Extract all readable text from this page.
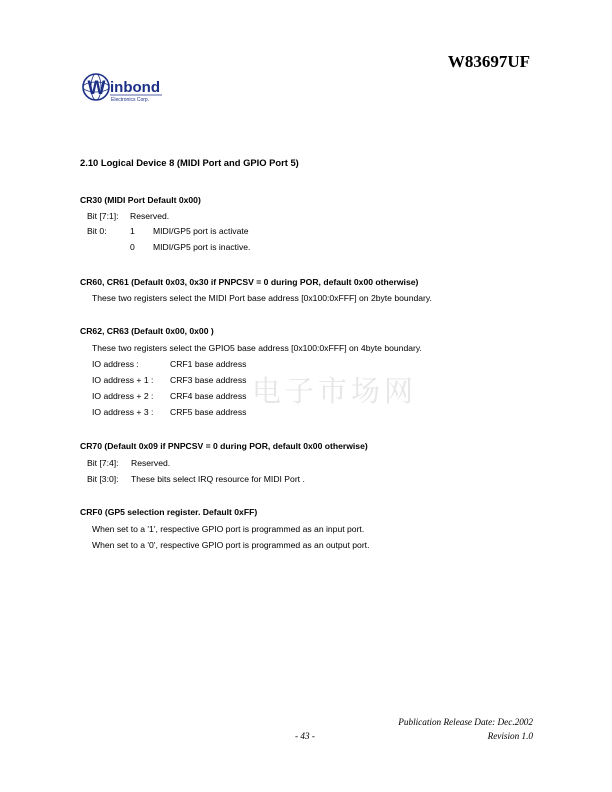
W83697UF
W inbond
Electronics Corp.
2.10 Logical Device 8 (MIDI Port and GPIO Port 5)
CR30 (MIDI Port Default 0x00)
Bit [7:1]: Reserved.
Bit 0:	1 MIDI/GP5 port is activate
0 MIDI/GP5 port is inactive.
CR60, CR61 (Default 0x03, 0x30 if PNPCSV = 0 during POR, default 0x00 otherwise)
These two registers select the MIDI Port base address [0x100:0xFFF] on 2byte boundary.
CR62, CR63 (Default 0x00, 0x00 )
These two registers select the GPIO5 base address [0x100:0xFFF] on 4byte boundary.
IO address :	CRF1 base address
IO address + 1 : CRF3 base address
IO address + 2 : CRF4 base address
IO address + 3 : CRF5 base address
电子市场网
CR70 (Default 0x09 if PNPCSV = 0 during POR, default 0x00 otherwise)
Bit [7:4]: Reserved.
Bit [3:0]: These bits select IRQ resource for MIDI Port .
CRF0 (GP5 selection register. Default 0xFF)
When set to a '1', respective GPIO port is programmed as an input port.
When set to a '0', respective GPIO port is programmed as an output port.
Publication Release Date: Dec.2002
- 43 -	Revision 1.0
